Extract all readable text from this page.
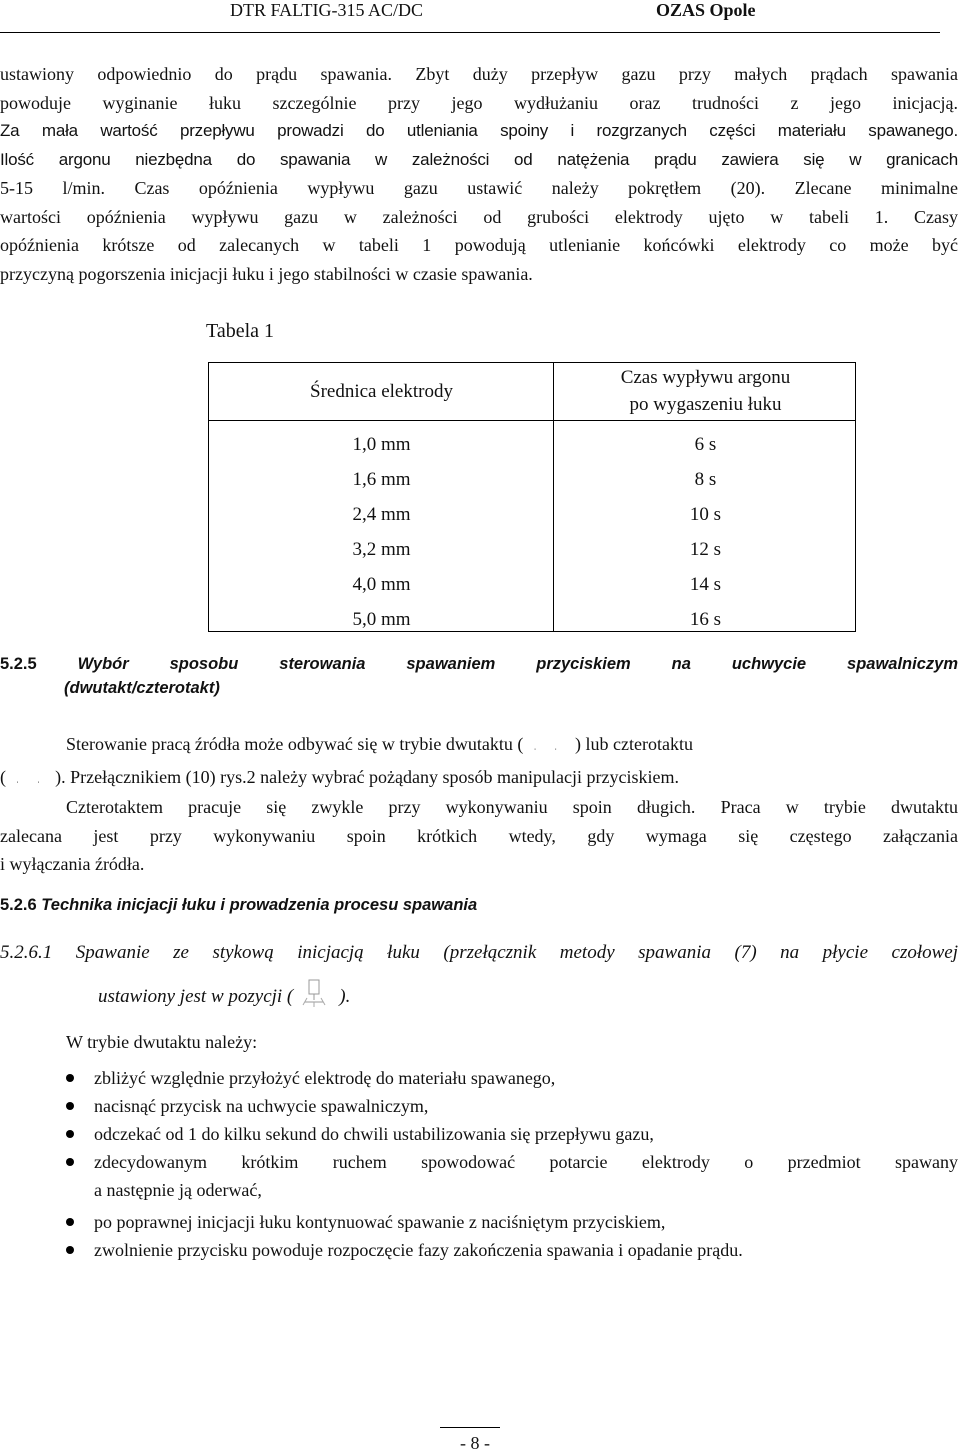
DTR FALTIG-315 AC/DC	OZAS Opole
ustawiony odpowiednio do prądu spawania. Zbyt duży przepływ gazu przy małych prądach spawania
powoduje wyginanie łuku szczególnie przy jego wydłużaniu oraz trudności z jego inicjacją.
Za mała wartość przepływu prowadzi do utleniania spoiny i rozgrzanych części materiału spawanego.
Ilość argonu niezbędna do spawania w zależności od natężenia prądu zawiera się w granicach
5-15 l/min. Czas opóźnienia wypływu gazu ustawić należy pokrętłem (20). Zlecane minimalne
wartości opóźnienia wypływu gazu w zależności od grubości elektrody ujęto w tabeli 1. Czasy
opóźnienia krótsze od zalecanych w tabeli 1 powodują utlenianie końcówki elektrody co może być
przyczyną pogorszenia inicjacji łuku i jego stabilności w czasie spawania.
Tabela 1
Średnica elektrody	Czas wypływu argonu
po wygaszeniu łuku
1,0 mm	6 s
1,6 mm	8 s
2,4 mm	10 s
3,2 mm	12 s
4,0 mm	14 s
5,0 mm	16 s
5.2.5 Wybór sposobu sterowania spawaniem przyciskiem na uchwycie spawalniczym
(dwutakt/czterotakt)
Sterowanie pracą źródła może odbywać się w trybie dwutaktu (    ˌ       ˌ       ) lub czterotaktu
(    ˌ       ˌ      ). Przełącznikiem (10) rys.2 należy wybrać pożądany sposób manipulacji przyciskiem.
Czterotaktem pracuje się zwykle przy wykonywaniu spoin długich. Praca w trybie dwutaktu
zalecana jest przy wykonywaniu spoin krótkich wtedy, gdy wymaga się częstego załączania
i wyłączania źródła.
5.2.6 Technika inicjacji łuku i prowadzenia procesu spawania
5.2.6.1 Spawanie ze stykową inicjacją łuku (przełącznik metody spawania (7) na płycie czołowej
ustawiony jest w pozycji ( ).
W trybie dwutaktu należy:
zbliżyć względnie przyłożyć elektrodę do materiału spawanego,
nacisnąć przycisk na uchwycie spawalniczym,
odczekać od 1 do kilku sekund do chwili ustabilizowania się przepływu gazu,
zdecydowanym krótkim ruchem spowodować potarcie elektrody o przedmiot spawany
a następnie ją oderwać,
po poprawnej inicjacji łuku kontynuować spawanie z naciśniętym przyciskiem,
zwolnienie przycisku powoduje rozpoczęcie fazy zakończenia spawania i opadanie prądu.
- 8 -
